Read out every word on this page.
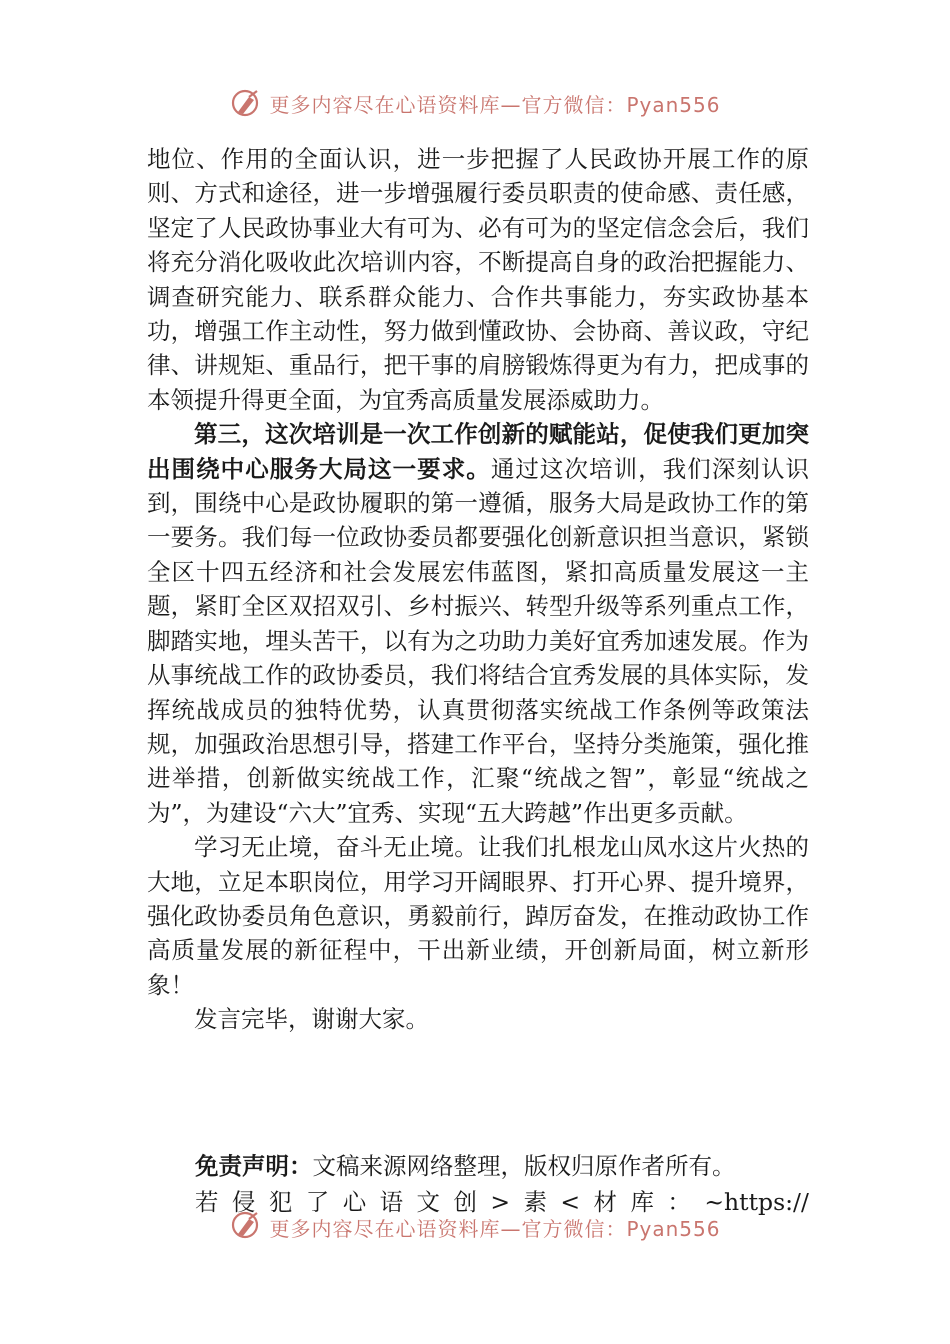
更多内容尽在心语资料库—官方微信：Pyan556

地位、作用的全面认识，进一步把握了人民政协开展工作的原则、方式和途径，进一步增强履行委员职责的使命感、责任感，坚定了人民政协事业大有可为、必有可为的坚定信念会后，我们将充分消化吸收此次培训内容，不断提高自身的政治把握能力、调查研究能力、联系群众能力、合作共事能力，夯实政协基本功，增强工作主动性，努力做到懂政协、会协商、善议政，守纪律、讲规矩、重品行，把干事的肩膀锻炼得更为有力，把成事的本领提升得更全面，为宜秀高质量发展添威助力。

第三，这次培训是一次工作创新的赋能站，促使我们更加突出围绕中心服务大局这一要求。通过这次培训，我们深刻认识到，围绕中心是政协履职的第一遵循，服务大局是政协工作的第一要务。我们每一位政协委员都要强化创新意识担当意识，紧锁全区十四五经济和社会发展宏伟蓝图，紧扣高质量发展这一主题，紧盯全区双招双引、乡村振兴、转型升级等系列重点工作，脚踏实地，埋头苦干，以有为之功助力美好宜秀加速发展。作为从事统战工作的政协委员，我们将结合宜秀发展的具体实际，发挥统战成员的独特优势，认真贯彻落实统战工作条例等政策法规，加强政治思想引导，搭建工作平台，坚持分类施策，强化推进举措，创新做实统战工作，汇聚“统战之智”，彰显“统战之为”，为建设“六大”宜秀、实现“五大跨越”作出更多贡献。

学习无止境，奋斗无止境。让我们扎根龙山凤水这片火热的大地，立足本职岗位，用学习开阔眼界、打开心界、提升境界，强化政协委员角色意识，勇毅前行，踔厉奋发，在推动政协工作高质量发展的新征程中，干出新业绩，开创新局面，树立新形象！

发言完毕，谢谢大家。

免责声明：文稿来源网络整理，版权归原作者所有。
若 侵 犯 了 心 语 文 创 > 素 < 材 库 ： ~https://
更多内容尽在心语资料库—官方微信：Pyan556
